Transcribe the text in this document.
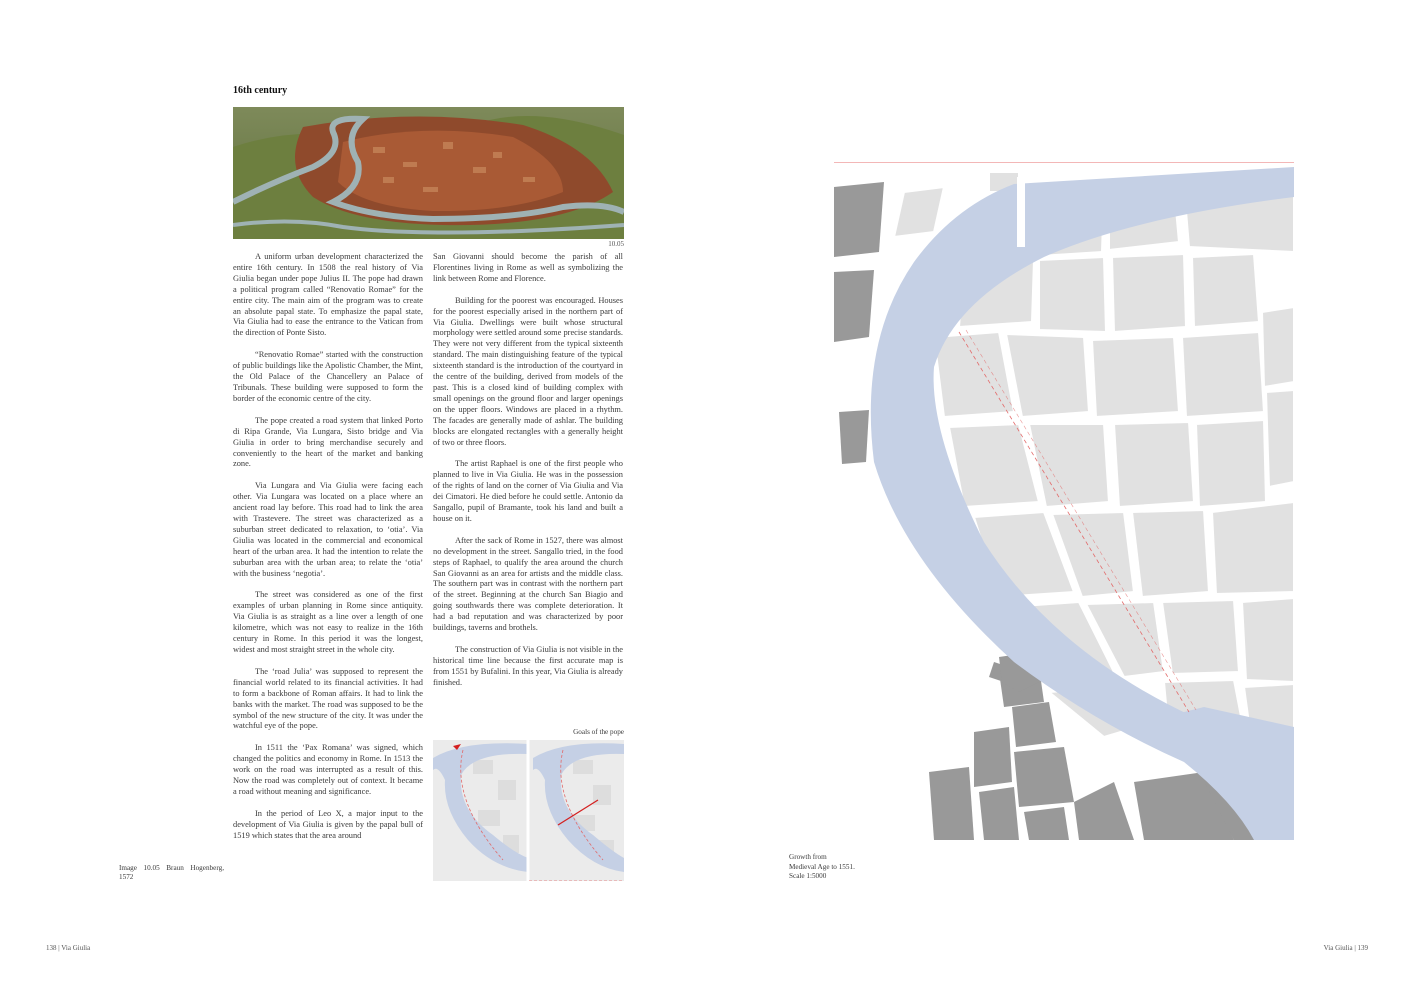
16th century
10.05

A uniform urban development characterized the entire 16th century. In 1508 the real history of Via Giulia began under pope Julius II. The pope had drawn a political program called “Renovatio Romae” for the entire city. The main aim of the program was to create an absolute papal state. To emphasize the papal state, Via Giulia had to ease the entrance to the Vatican from the direction of Ponte Sisto.

“Renovatio Romae” started with the construction of public buildings like the Apolistic Chamber, the Mint, the Old Palace of the Chancellery an Palace of Tribunals. These building were supposed to form the border of the economic centre of the city.

The pope created a road system that linked Porto di Ripa Grande, Via Lungara, Sisto bridge and Via Giulia in order to bring merchandise securely and conveniently to the heart of the market and banking zone.

Via Lungara and Via Giulia were facing each other. Via Lungara was located on a place where an ancient road lay before. This road had to link the area with Trastevere. The street was characterized as a suburban street dedicated to relaxation, to ‘otia’. Via Giulia was located in the commercial and economical heart of the urban area. It had the intention to relate the suburban area with the urban area; to relate the ‘otia’ with the business ‘negotia’.

The street was considered as one of the first examples of urban planning in Rome since antiquity. Via Giulia is as straight as a line over a length of one kilometre, which was not easy to realize in the 16th century in Rome. In this period it was the longest, widest and most straight street in the whole city.

The ‘road Julia’ was supposed to represent the financial world related to its financial activities. It had to form a backbone of Roman affairs. It had to link the banks with the market. The road was supposed to be the symbol of the new structure of the city. It was under the watchful eye of the pope.

In 1511 the ‘Pax Romana’ was signed, which changed the politics and economy in Rome. In 1513 the work on the road was interrupted as a result of this. Now the road was completely out of context. It became a road without meaning and significance.

In the period of Leo X, a major input to the development of Via Giulia is given by the papal bull of 1519 which states that the area around

San Giovanni should become the parish of all Florentines living in Rome as well as symbolizing the link between Rome and Florence.

Building for the poorest was encouraged. Houses for the poorest especially arised in the northern part of Via Giulia. Dwellings were built whose structural morphology were settled around some precise standards. They were not very different from the typical sixteenth standard. The main distinguishing feature of the typical sixteenth standard is the introduction of the courtyard in the centre of the building, derived from models of the past. This is a closed kind of building complex with small openings on the ground floor and larger openings on the upper floors. Windows are placed in a rhythm. The facades are generally made of ashlar. The building blocks are elongated rectangles with a generally height of two or three floors.

The artist Raphael is one of the first people who planned to live in Via Giulia. He was in the possession of the rights of land on the corner of Via Giulia and Via dei Cimatori. He died before he could settle. Antonio da Sangallo, pupil of Bramante, took his land and built a house on it.

After the sack of Rome in 1527, there was almost no development in the street. Sangallo tried, in the food steps of Raphael, to qualify the area around the church San Giovanni as an area for artists and the middle class. The southern part was in contrast with the northern part of the street. Beginning at the church San Biagio and going southwards there was complete deterioration. It had a bad reputation and was characterized by poor buildings, taverns and brothels.

The construction of Via Giulia is not visible in the historical time line because the first accurate map is from 1551 by Bufalini. In this year, Via Giulia is already finished.

Goals of the pope
Image 10.05 Braun Hogenberg, 1572
138 | Via Giulia
Growth from
Medieval Age to 1551.
Scale 1:5000
Via Giulia | 139
